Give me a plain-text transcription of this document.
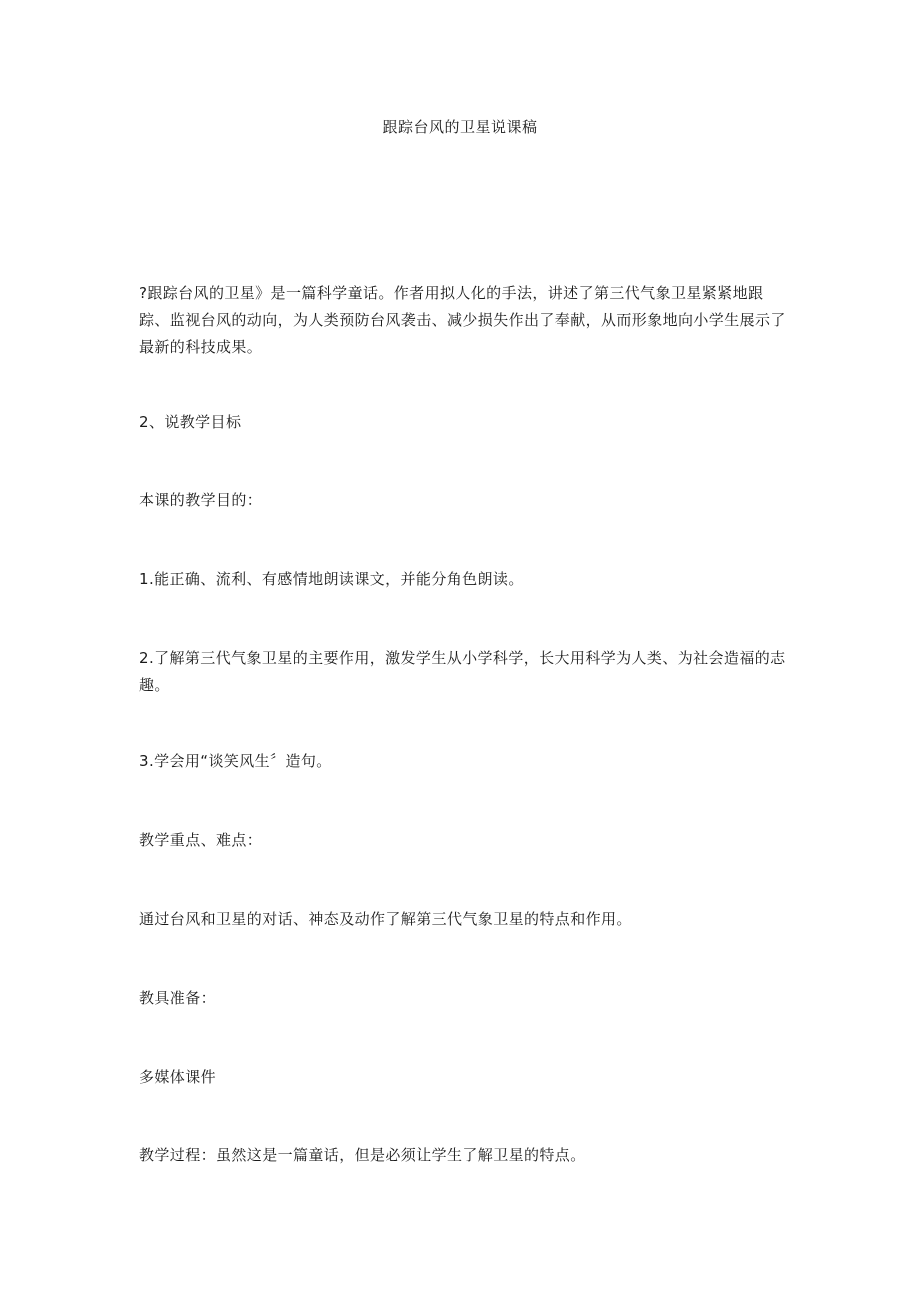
跟踪台风的卫星说课稿

?跟踪台风的卫星》是一篇科学童话。作者用拟人化的手法，讲述了第三代气象卫星紧紧地跟踪、监视台风的动向，为人类预防台风袭击、减少损失作出了奉献，从而形象地向小学生展示了最新的科技成果。

2、说教学目标

本课的教学目的：

1.能正确、流利、有感情地朗读课文，并能分角色朗读。

2.了解第三代气象卫星的主要作用，激发学生从小学科学，长大用科学为人类、为社会造福的志趣。

3.学会用“谈笑风生〞造句。

教学重点、难点：

通过台风和卫星的对话、神态及动作了解第三代气象卫星的特点和作用。

教具准备：

多媒体课件

教学过程：虽然这是一篇童话，但是必须让学生了解卫星的特点。
